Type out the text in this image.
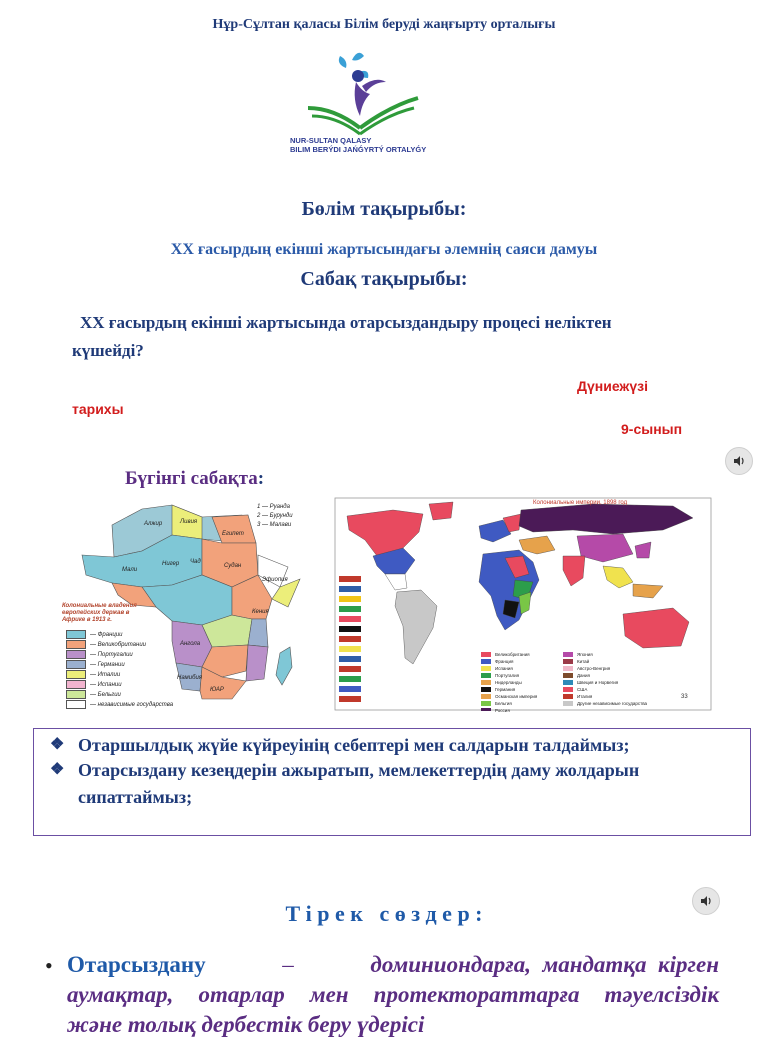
Нұр-Сұлтан қаласы Білім беруді жаңғырту орталығы
NUR-SULTAN QALASY
BILIM BERÝDI JAŃǴYRTÝ ORTALYǴY
Бөлім тақырыбы:
ХХ ғасырдың екінші жартысындағы әлемнің саяси дамуы
Сабақ тақырыбы:
ХХ ғасырдың екінші жартысында отарсыздандыру процесі неліктен
күшейді?
Дүниежүзі
тарихы
9-сынып
Бүгінгі сабақта:
Алжир
Египет
Ливия
Судан
Чад
Эфиопия
Ангола
ЮАР
Намибия
Кения
Мали
Нигер
1 — Руанда
2 — Бурунди
3 — Малави
Колониальные владения европейских держав в Африке в 1913 г.
— Франции
— Великобритании
— Португалии
— Германии
— Италии
— Испании
— Бельгии
— независимые государства
Колониальные империи, 1898 год
Великобритания
Франция
Испания
Португалия
Нидерланды
Германия
Османская империя
Бельгия
Россия
Япония
Китай
Австро-Венгрия
Дания
Швеция и Норвегия
США
Италия
Другие независимые государства
33
❖ Отаршылдық жүйе күйреуінің себептері мен салдарын талдаймыз;
❖ Отарсыздану кезеңдерін ажыратып, мемлекеттердің даму жолдарын
сипаттаймыз;
Т і р е к   с ө з д е р :
• Отарсыздану	–	доминиондарға,  мандатқа  кірген
аумақтар, отарлар мен протектораттарға тәуелсіздік
және толық дербестік беру үдерісі
